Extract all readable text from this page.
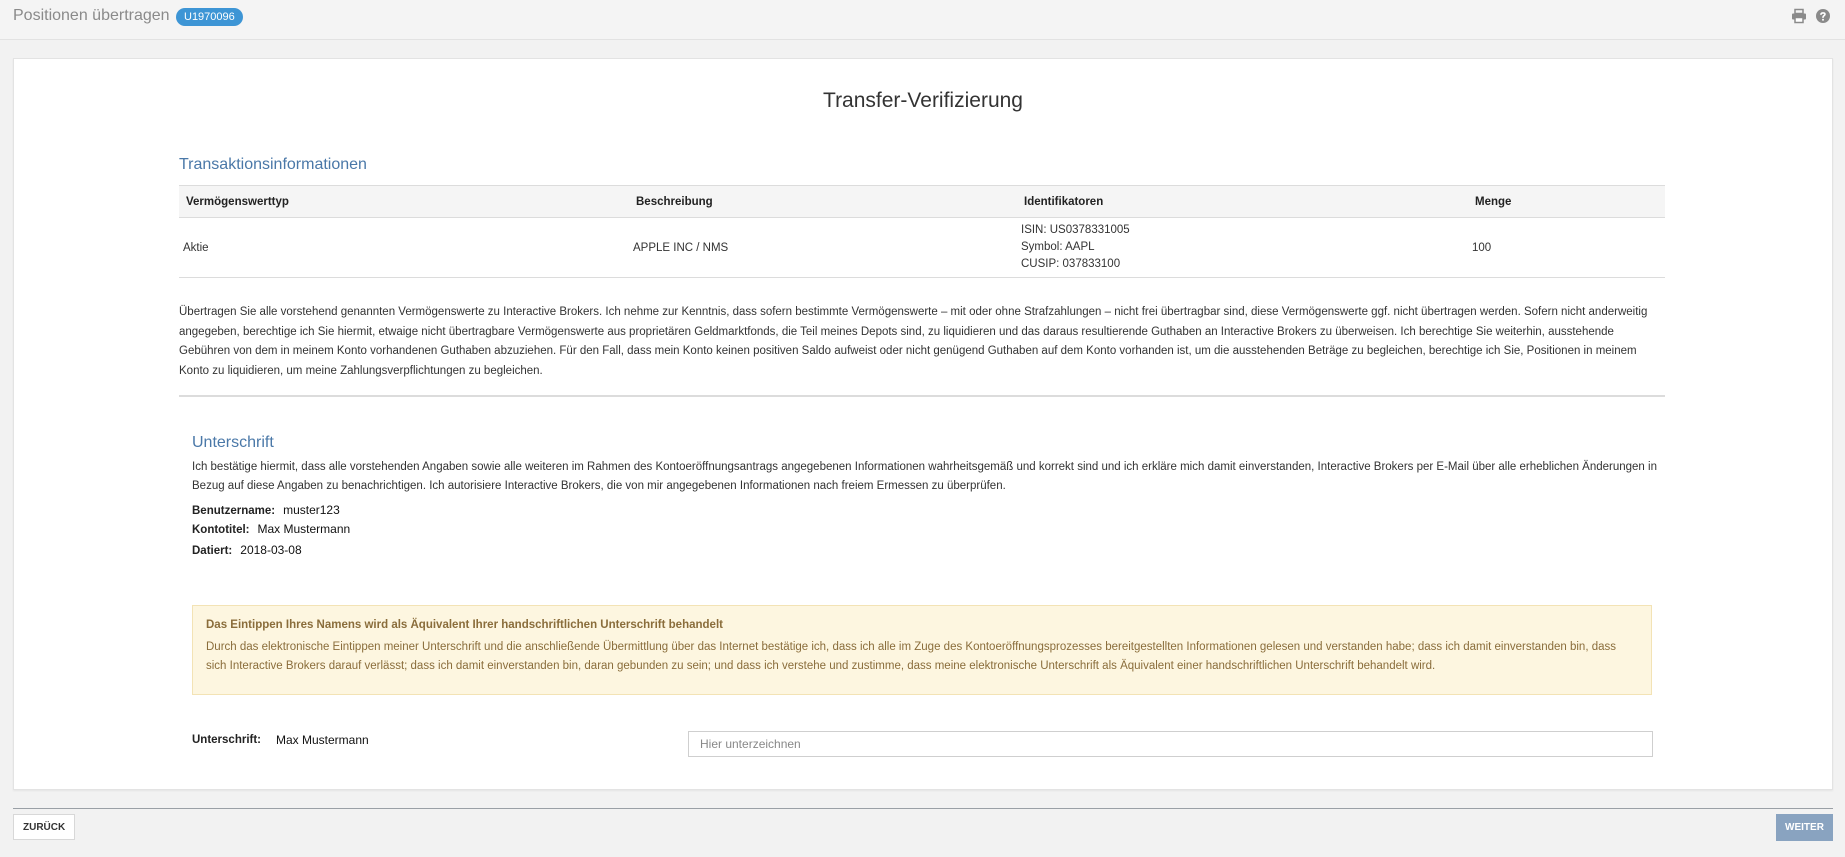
Positionen übertragen	U1970096
Transfer-Verifizierung
Transaktionsinformationen
Vermögenswerttyp	Beschreibung	Identifikatoren	Menge
Aktie	APPLE INC / NMS	ISIN: US0378331005
Symbol: AAPL
CUSIP: 037833100	100
Übertragen Sie alle vorstehend genannten Vermögenswerte zu Interactive Brokers. Ich nehme zur Kenntnis, dass sofern bestimmte Vermögenswerte – mit oder ohne Strafzahlungen – nicht frei übertragbar sind, diese Vermögenswerte ggf. nicht übertragen werden. Sofern nicht anderweitig angegeben, berechtige ich Sie hiermit, etwaige nicht übertragbare Vermögenswerte aus proprietären Geldmarktfonds, die Teil meines Depots sind, zu liquidieren und das daraus resultierende Guthaben an Interactive Brokers zu überweisen. Ich berechtige Sie weiterhin, ausstehende Gebühren von dem in meinem Konto vorhandenen Guthaben abzuziehen. Für den Fall, dass mein Konto keinen positiven Saldo aufweist oder nicht genügend Guthaben auf dem Konto vorhanden ist, um die ausstehenden Beträge zu begleichen, berechtige ich Sie, Positionen in meinem Konto zu liquidieren, um meine Zahlungsverpflichtungen zu begleichen.
Unterschrift
Ich bestätige hiermit, dass alle vorstehenden Angaben sowie alle weiteren im Rahmen des Kontoeröffnungsantrags angegebenen Informationen wahrheitsgemäß und korrekt sind und ich erkläre mich damit einverstanden, Interactive Brokers per E-Mail über alle erheblichen Änderungen in Bezug auf diese Angaben zu benachrichtigen. Ich autorisiere Interactive Brokers, die von mir angegebenen Informationen nach freiem Ermessen zu überprüfen.
Benutzername: muster123
Kontotitel: Max Mustermann
Datiert: 2018-03-08
Das Eintippen Ihres Namens wird als Äquivalent Ihrer handschriftlichen Unterschrift behandelt
Durch das elektronische Eintippen meiner Unterschrift und die anschließende Übermittlung über das Internet bestätige ich, dass ich alle im Zuge des Kontoeröffnungsprozesses bereitgestellten Informationen gelesen und verstanden habe; dass ich damit einverstanden bin, dass sich Interactive Brokers darauf verlässt; dass ich damit einverstanden bin, daran gebunden zu sein; und dass ich verstehe und zustimme, dass meine elektronische Unterschrift als Äquivalent einer handschriftlichen Unterschrift behandelt wird.
Unterschrift: Max Mustermann
Hier unterzeichnen
ZURÜCK	WEITER
